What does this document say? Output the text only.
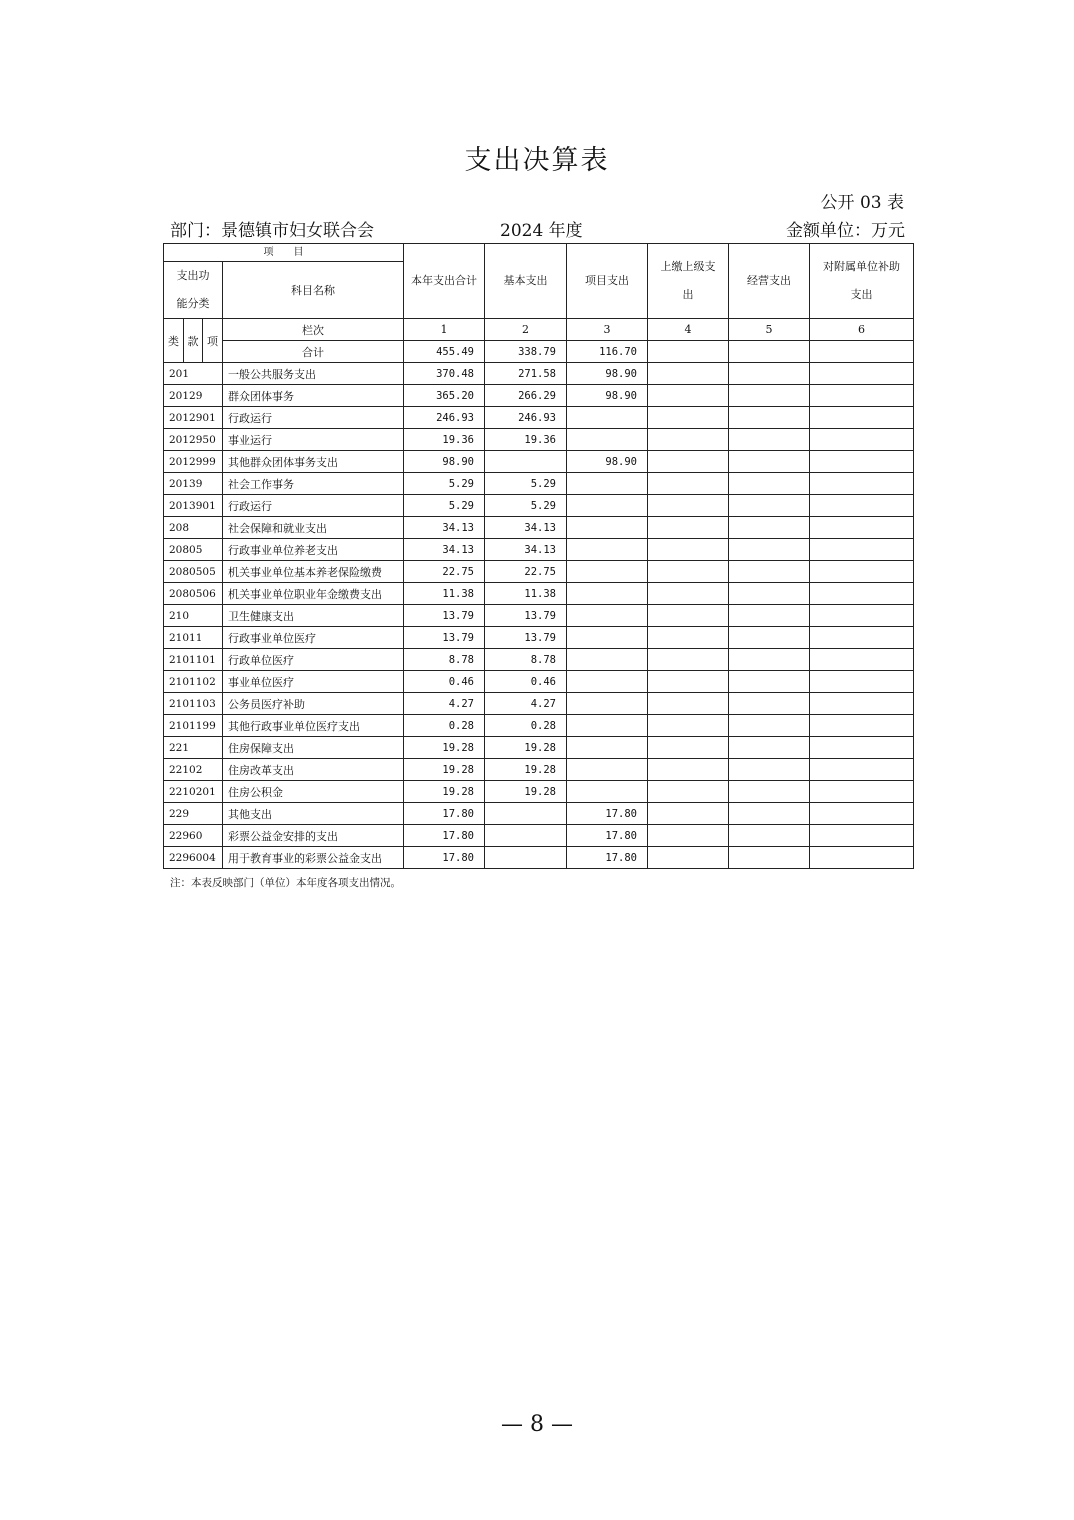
支出决算表
公开 03 表
部门：景德镇市妇女联合会	2024 年度	金额单位：万元
项　　目				本年支出合计	基本支出	项目支出	上缴上级支出	经营支出	对附属单位补助支出
支出功能分类			科目名称						
类	款	项	栏次	1	2	3	4	5	6
			合计	455.49	338.79	116.70			
201			一般公共服务支出	370.48	271.58	98.90			
20129			群众团体事务	365.20	266.29	98.90			
2012901			行政运行	246.93	246.93				
2012950			事业运行	19.36	19.36				
2012999			其他群众团体事务支出	98.90		98.90			
20139			社会工作事务	5.29	5.29				
2013901			行政运行	5.29	5.29				
208			社会保障和就业支出	34.13	34.13				
20805			行政事业单位养老支出	34.13	34.13				
2080505			机关事业单位基本养老保险缴费	22.75	22.75				
2080506			机关事业单位职业年金缴费支出	11.38	11.38				
210			卫生健康支出	13.79	13.79				
21011			行政事业单位医疗	13.79	13.79				
2101101			行政单位医疗	8.78	8.78				
2101102			事业单位医疗	0.46	0.46				
2101103			公务员医疗补助	4.27	4.27				
2101199			其他行政事业单位医疗支出	0.28	0.28				
221			住房保障支出	19.28	19.28				
22102			住房改革支出	19.28	19.28				
2210201			住房公积金	19.28	19.28				
229			其他支出	17.80		17.80			
22960			彩票公益金安排的支出	17.80		17.80			
2296004			用于教育事业的彩票公益金支出	17.80		17.80			
注：本表反映部门（单位）本年度各项支出情况。
— 8 —
